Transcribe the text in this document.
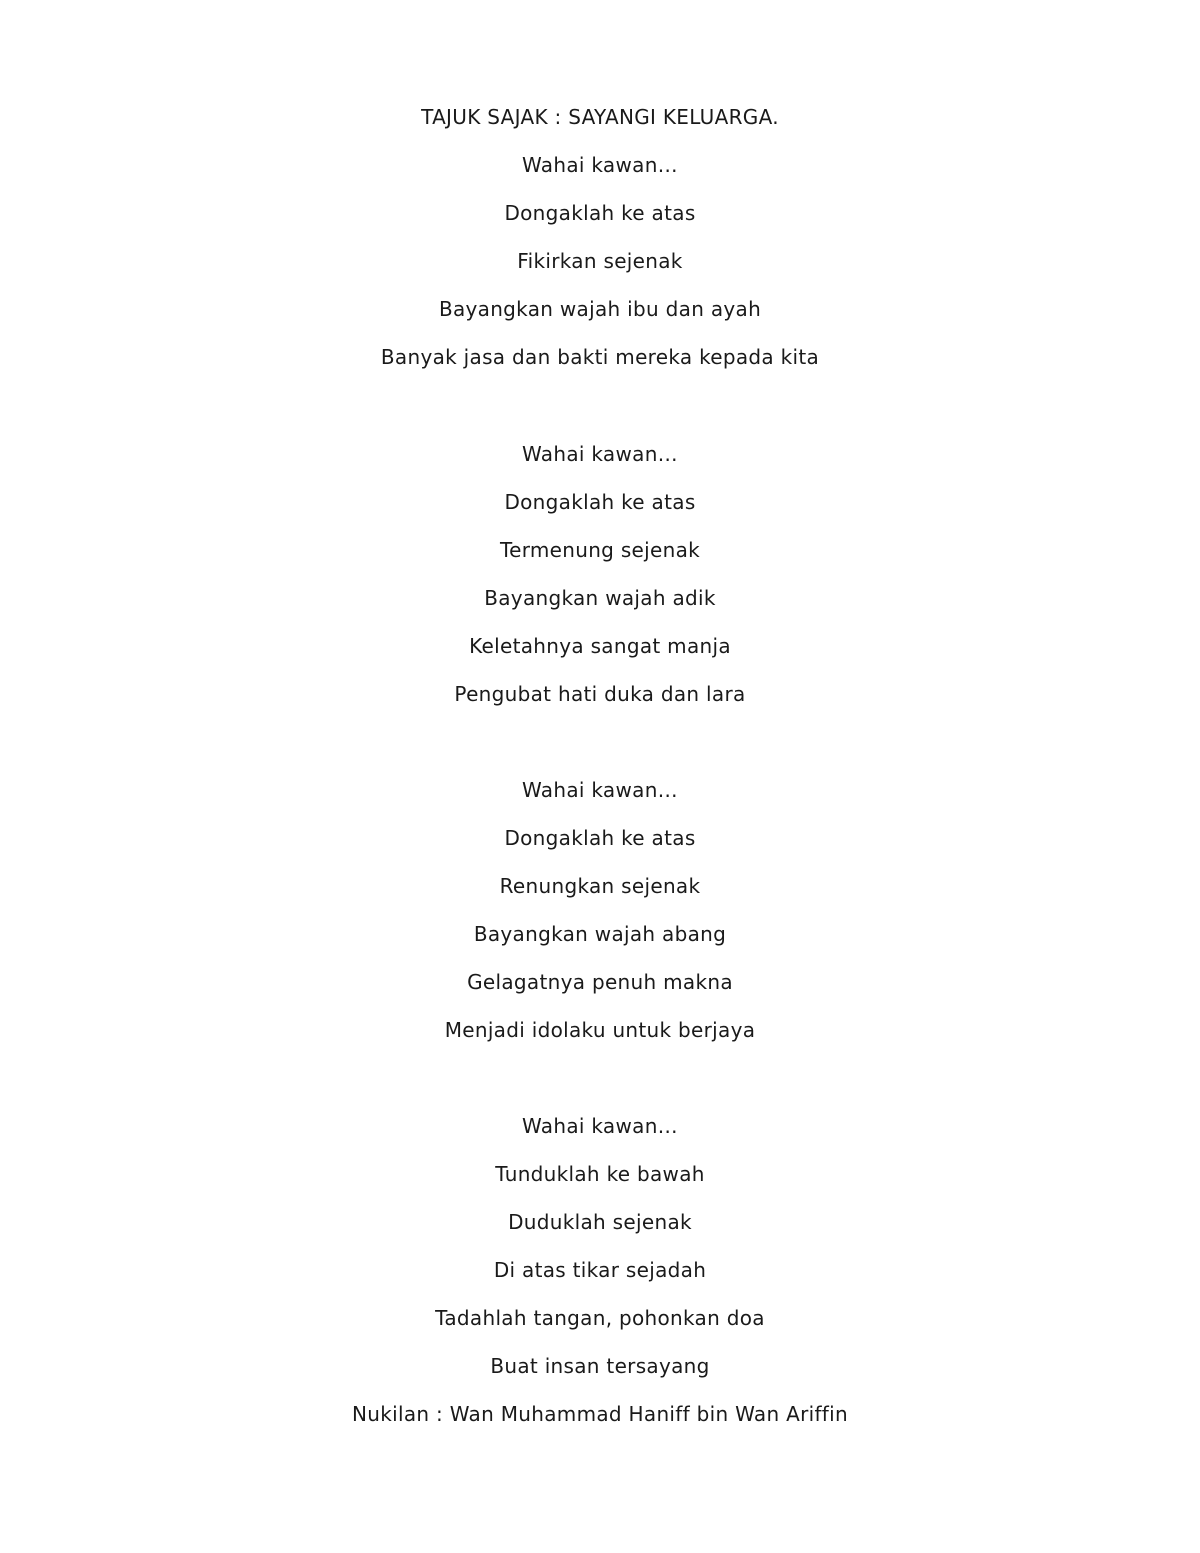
TAJUK SAJAK : SAYANGI KELUARGA.
Wahai kawan…
Dongaklah ke atas
Fikirkan sejenak
Bayangkan wajah ibu dan ayah
Banyak jasa dan bakti mereka kepada kita
Wahai kawan…
Dongaklah ke atas
Termenung sejenak
Bayangkan wajah adik
Keletahnya sangat manja
Pengubat hati duka dan lara
Wahai kawan…
Dongaklah ke atas
Renungkan sejenak
Bayangkan wajah abang
Gelagatnya penuh makna
Menjadi idolaku untuk berjaya
Wahai kawan…
Tunduklah ke bawah
Duduklah sejenak
Di atas tikar sejadah
Tadahlah tangan, pohonkan doa
Buat insan tersayang
Nukilan : Wan Muhammad Haniff bin Wan Ariffin
